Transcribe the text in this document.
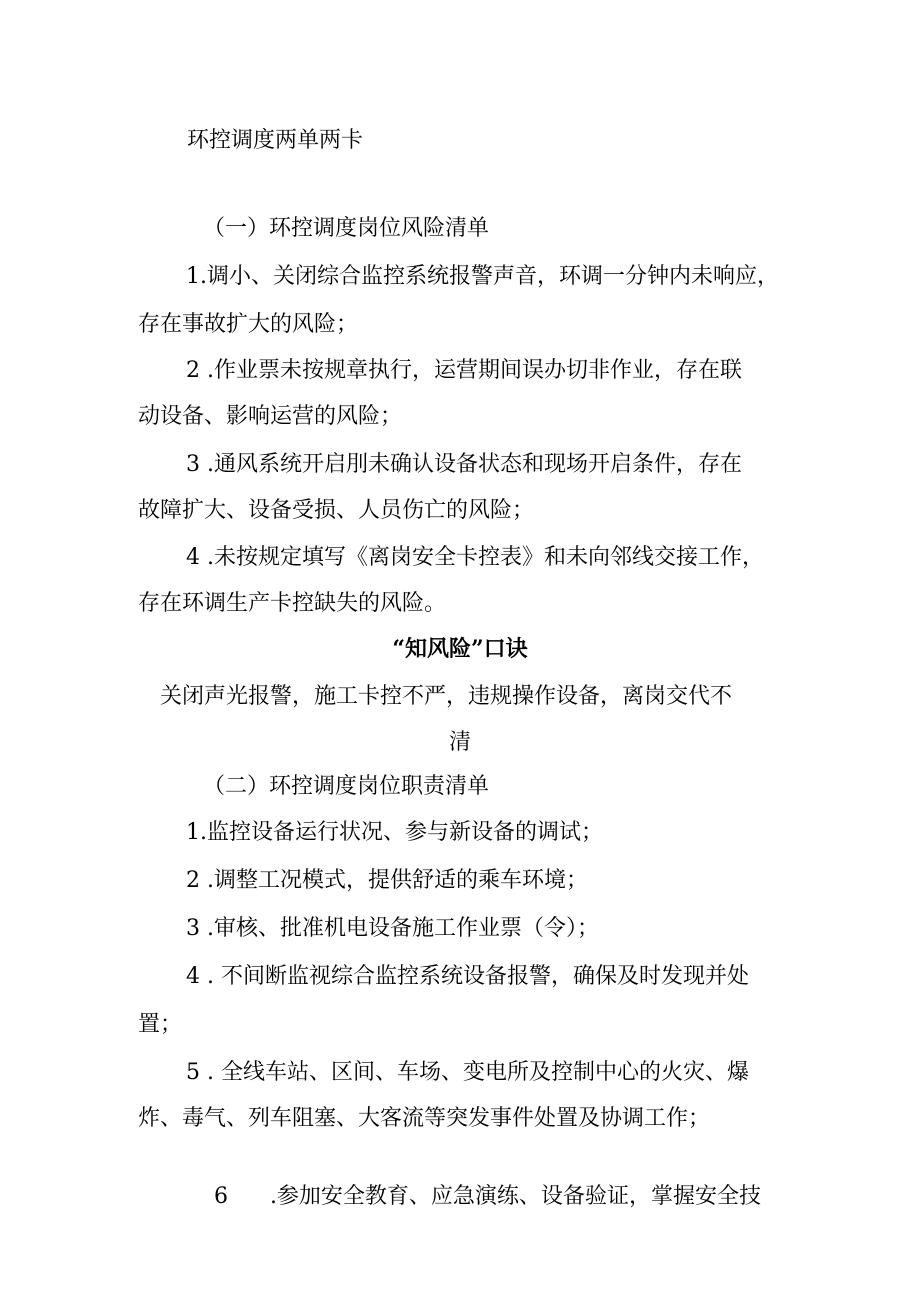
环控调度两单两卡
（一）环控调度岗位风险清单
1.调小、关闭综合监控系统报警声音，环调一分钟内未响应，
存在事故扩大的风险；
2 .作业票未按规章执行，运营期间误办切非作业，存在联
动设备、影响运营的风险；
3 .通风系统开启刖未确认设备状态和现场开启条件，存在
故障扩大、设备受损、人员伤亡的风险；
4 .未按规定填写《离岗安全卡控表》和未向邻线交接工作，
存在环调生产卡控缺失的风险。
“知风险”口诀
关闭声光报警，施工卡控不严，违规操作设备，离岗交代不
清
（二）环控调度岗位职责清单
1.监控设备运行状况、参与新设备的调试；
2 .调整工况模式，提供舒适的乘车环境；
3 .审核、批准机电设备施工作业票（令）；
4 . 不间断监视综合监控系统设备报警，确保及时发现并处
置；
5 . 全线车站、区间、车场、变电所及控制中心的火灾、爆
炸、毒气、列车阻塞、大客流等突发事件处置及协调工作；

6      .参加安全教育、应急演练、设备验证，掌握安全技
